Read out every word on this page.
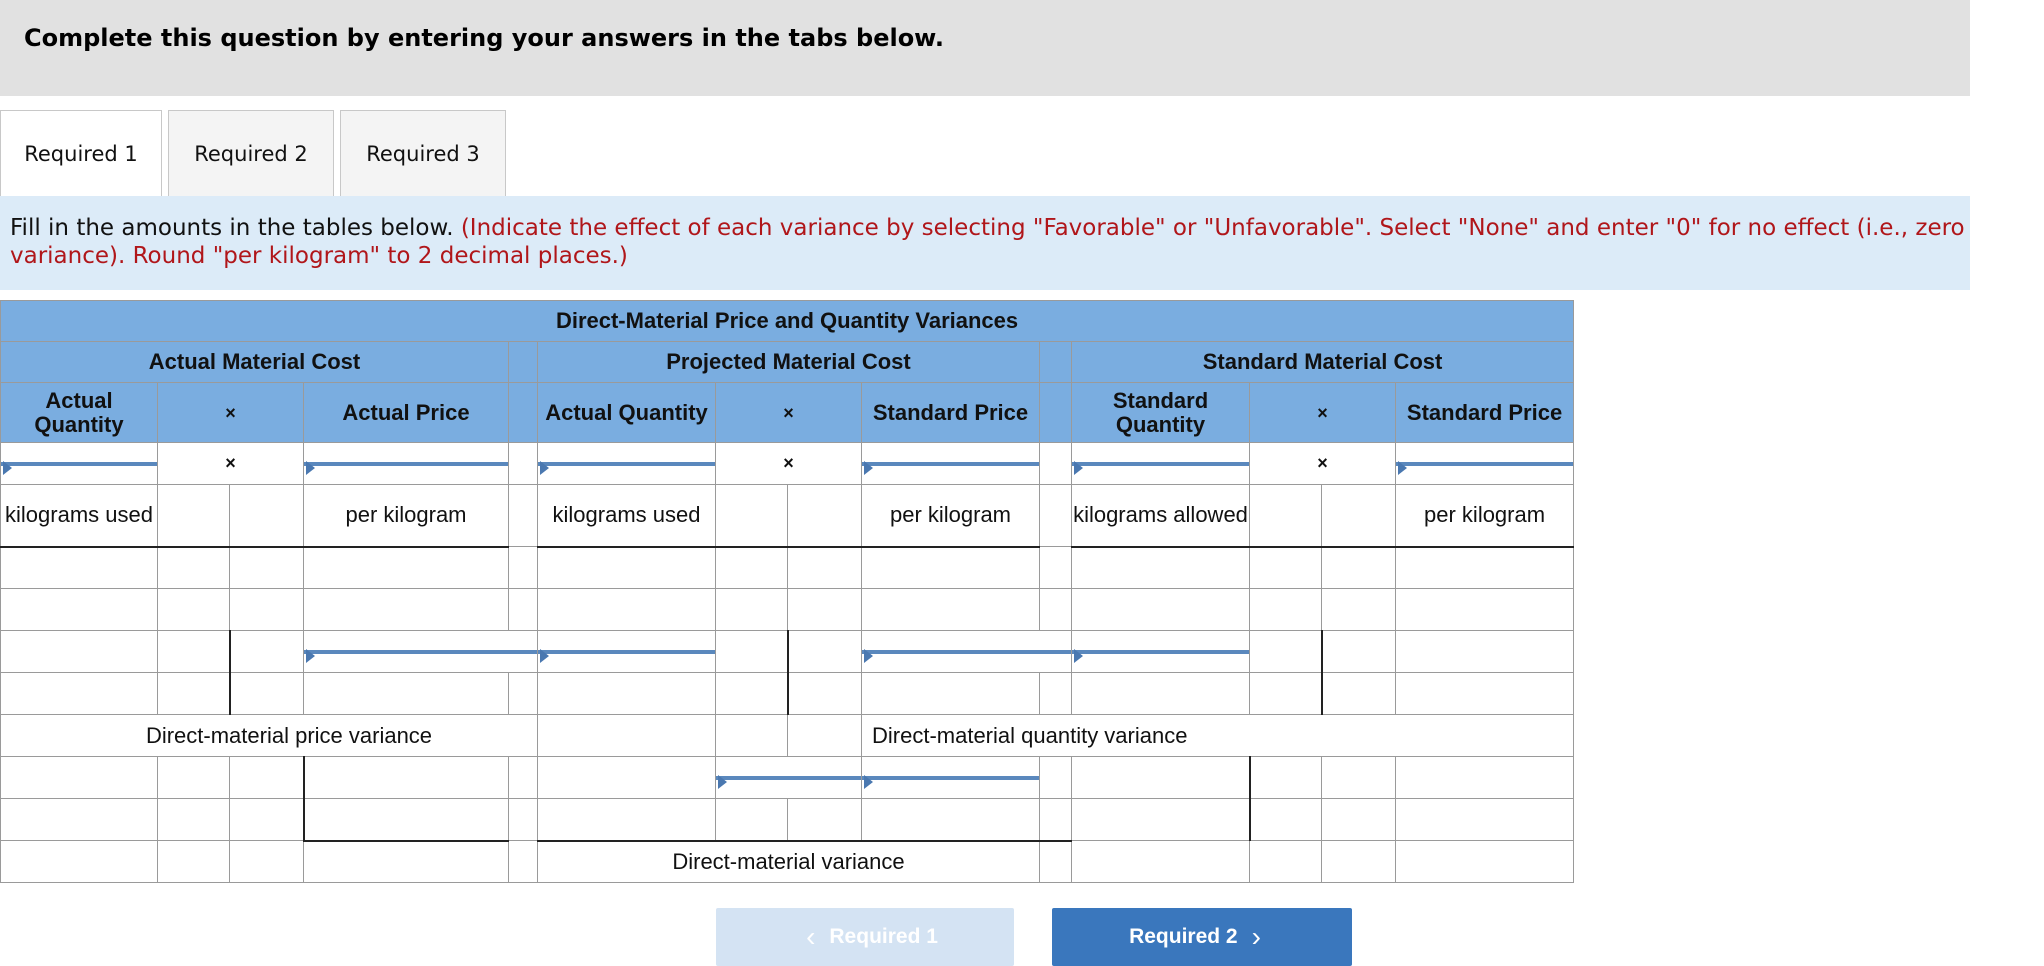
Complete this question by entering your answers in the tabs below.
Required 1	Required 2	Required 3
Fill in the amounts in the tables below. (Indicate the effect of each variance by selecting "Favorable" or "Unfavorable". Select "None" and enter "0" for no effect (i.e., zero variance). Round "per kilogram" to 2 decimal places.)
Direct-Material Price and Quantity Variances													
Actual Material Cost					Projected Material Cost					Standard Material Cost			
Actual Quantity	×		Actual Price		Actual Quantity	×		Standard Price		Standard Quantity	×		Standard Price

	×					×					×		

kilograms used			per kilogram		kilograms used			per kilogram		kilograms allowed			per kilogram

Direct-material price variance								Direct-material quantity variance					

					Direct-material variance								
‹ Required 1	Required 2 ›
